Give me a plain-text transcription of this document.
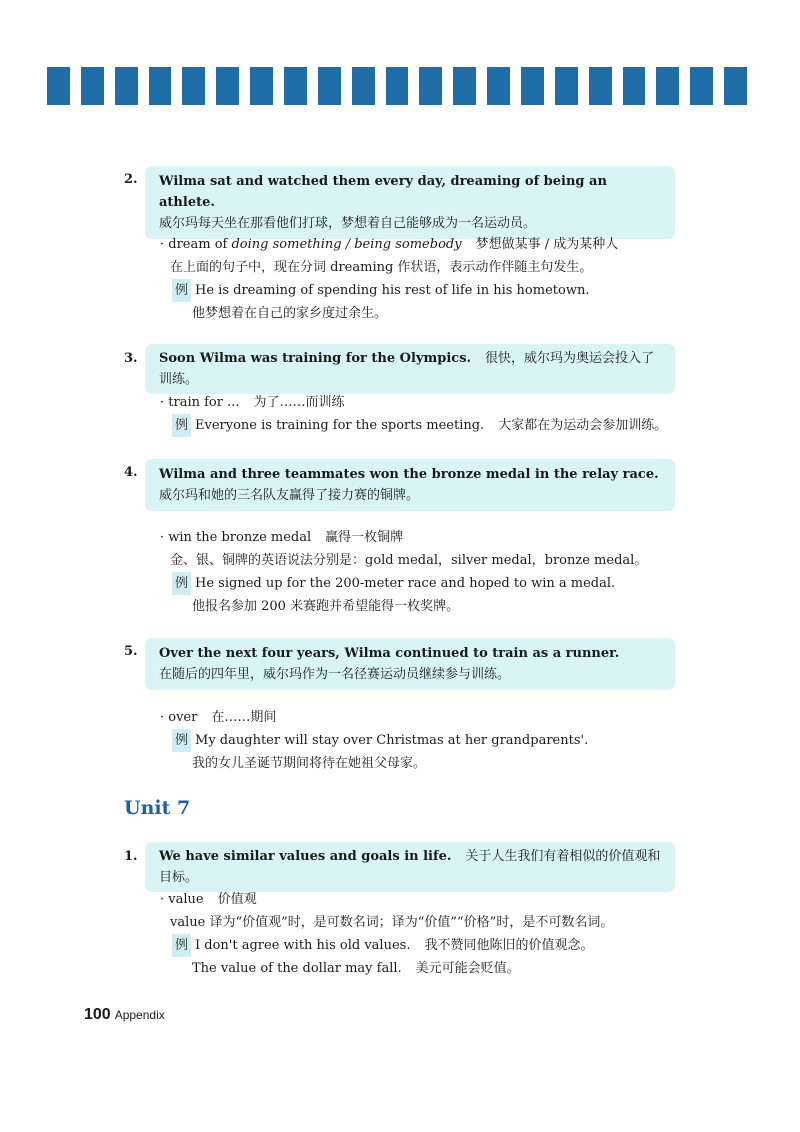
2. Wilma sat and watched them every day, dreaming of being an athlete.
威尔玛每天坐在那看他们打球，梦想着自己能够成为一名运动员。
· dream of doing something / being somebody 梦想做某事 / 成为某种人
在上面的句子中，现在分词 dreaming 作状语，表示动作伴随主句发生。
例 He is dreaming of spending his rest of life in his hometown.
他梦想着在自己的家乡度过余生。
3.	Soon Wilma was training for the Olympics. 很快，威尔玛为奥运会投入了训练。
· train for ... 为了……而训练
例 Everyone is training for the sports meeting. 大家都在为运动会参加训练。
4. Wilma and three teammates won the bronze medal in the relay race.
威尔玛和她的三名队友赢得了接力赛的铜牌。
· win the bronze medal 赢得一枚铜牌
金、银、铜牌的英语说法分别是：gold medal，silver medal，bronze medal。
例 He signed up for the 200-meter race and hoped to win a medal.
他报名参加 200 米赛跑并希望能得一枚奖牌。
5. Over the next four years, Wilma continued to train as a runner.
在随后的四年里，威尔玛作为一名径赛运动员继续参与训练。
· over 在……期间
例 My daughter will stay over Christmas at her grandparents'.
我的女儿圣诞节期间将待在她祖父母家。
Unit 7
1.	We have similar values and goals in life. 关于人生我们有着相似的价值观和目标。
· value 价值观
value 译为“价值观”时，是可数名词；译为“价值”“价格”时，是不可数名词。
例 I don't agree with his old values. 我不赞同他陈旧的价值观念。
The value of the dollar may fall. 美元可能会贬值。
100 Appendix
